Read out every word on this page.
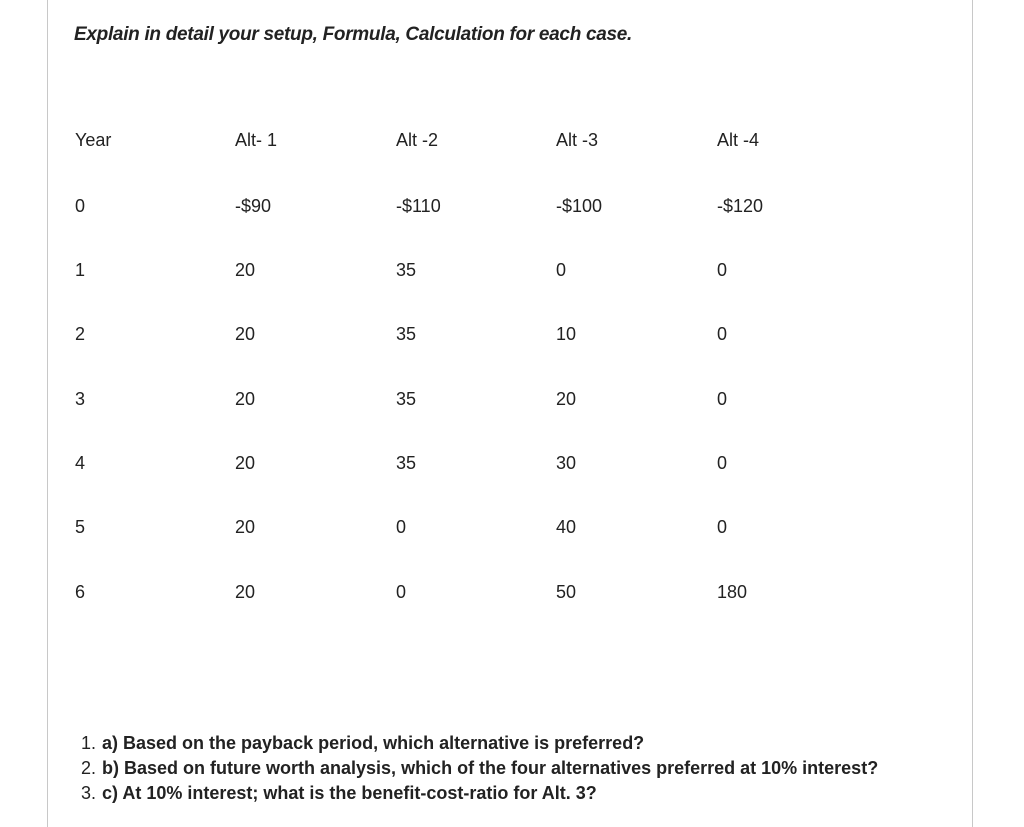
Explain in detail your setup, Formula, Calculation for each case.
Year	Alt- 1	Alt -2	Alt -3	Alt -4
0	-$90	-$110	-$100	-$120
1	20	35	0	0
2	20	35	10	0
3	20	35	20	0
4	20	35	30	0
5	20	0	40	0
6	20	0	50	180
1. a) Based on the payback period, which alternative is preferred?
2. b) Based on future worth analysis, which of the four alternatives preferred at 10% interest?
3. c) At 10% interest; what is the benefit-cost-ratio for Alt. 3?
